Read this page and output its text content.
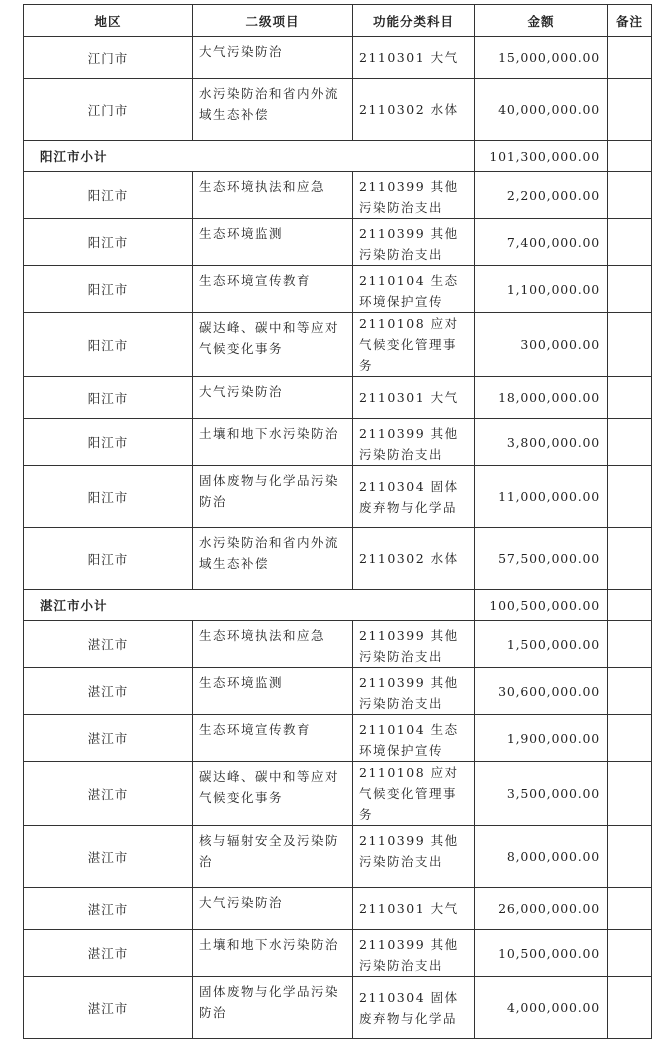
地区	二级项目	功能分类科目	金额	备注
江门市	大气污染防治	2110301 大气	15,000,000.00	
江门市	水污染防治和省内外流域生态补偿	2110302 水体	40,000,000.00	
阳江市小计			101,300,000.00	
阳江市	生态环境执法和应急	2110399 其他污染防治支出	2,200,000.00	
阳江市	生态环境监测	2110399 其他污染防治支出	7,400,000.00	
阳江市	生态环境宣传教育	2110104 生态环境保护宣传	1,100,000.00	
阳江市	碳达峰、碳中和等应对气候变化事务	2110108 应对气候变化管理事务	300,000.00	
阳江市	大气污染防治	2110301 大气	18,000,000.00	
阳江市	土壤和地下水污染防治	2110399 其他污染防治支出	3,800,000.00	
阳江市	固体废物与化学品污染防治	2110304 固体废弃物与化学品	11,000,000.00	
阳江市	水污染防治和省内外流域生态补偿	2110302 水体	57,500,000.00	
湛江市小计			100,500,000.00	
湛江市	生态环境执法和应急	2110399 其他污染防治支出	1,500,000.00	
湛江市	生态环境监测	2110399 其他污染防治支出	30,600,000.00	
湛江市	生态环境宣传教育	2110104 生态环境保护宣传	1,900,000.00	
湛江市	碳达峰、碳中和等应对气候变化事务	2110108 应对气候变化管理事务	3,500,000.00	
湛江市	核与辐射安全及污染防治	2110399 其他污染防治支出	8,000,000.00	
湛江市	大气污染防治	2110301 大气	26,000,000.00	
湛江市	土壤和地下水污染防治	2110399 其他污染防治支出	10,500,000.00	
湛江市	固体废物与化学品污染防治	2110304 固体废弃物与化学品	4,000,000.00	
